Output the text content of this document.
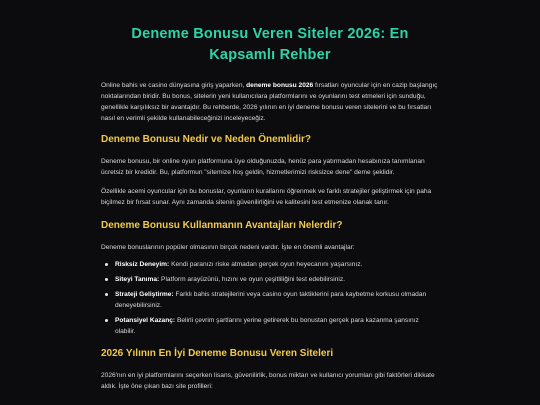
Deneme Bonusu Veren Siteler 2026: En Kapsamlı Rehber

Online bahis ve casino dünyasına giriş yaparken, deneme bonusu 2026 fırsatları oyuncular için en cazip başlangıç noktalarından biridir. Bu bonus, sitelerin yeni kullanıcılara platformlarını ve oyunlarını test etmeleri için sunduğu, genellikle karşılıksız bir avantajdır. Bu rehberde, 2026 yılının en iyi deneme bonusu veren sitelerini ve bu fırsatları nasıl en verimli şekilde kullanabileceğinizi inceleyeceğiz.

Deneme Bonusu Nedir ve Neden Önemlidir?

Deneme bonusu, bir online oyun platformuna üye olduğunuzda, henüz para yatırmadan hesabınıza tanımlanan ücretsiz bir kredidir. Bu, platformun "sitemize hoş geldin, hizmetlerimizi risksizce dene" deme şeklidir.

Özellikle acemi oyuncular için bu bonuslar, oyunların kurallarını öğrenmek ve farklı stratejiler geliştirmek için paha biçilmez bir fırsat sunar. Aynı zamanda sitenin güvenilirliğini ve kalitesini test etmenize olanak tanır.

Deneme Bonusu Kullanmanın Avantajları Nelerdir?

Deneme bonuslarının popüler olmasının birçok nedeni vardır. İşte en önemli avantajlar:

Risksiz Deneyim: Kendi paranızı riske atmadan gerçek oyun heyecanını yaşarsınız.
Siteyi Tanıma: Platform arayüzünü, hızını ve oyun çeşitliliğini test edebilirsiniz.
Strateji Geliştirme: Farklı bahis stratejilerini veya casino oyun taktiklerini para kaybetme korkusu olmadan deneyebilirsiniz.
Potansiyel Kazanç: Belirli çevrim şartlarını yerine getirerek bu bonustan gerçek para kazanma şansınız olabilir.
2026 Yılının En İyi Deneme Bonusu Veren Siteleri

2026'nın en iyi platformlarını seçerken lisans, güvenilirlik, bonus miktarı ve kullanıcı yorumları gibi faktörleri dikkate aldık. İşte öne çıkan bazı site profilleri:
